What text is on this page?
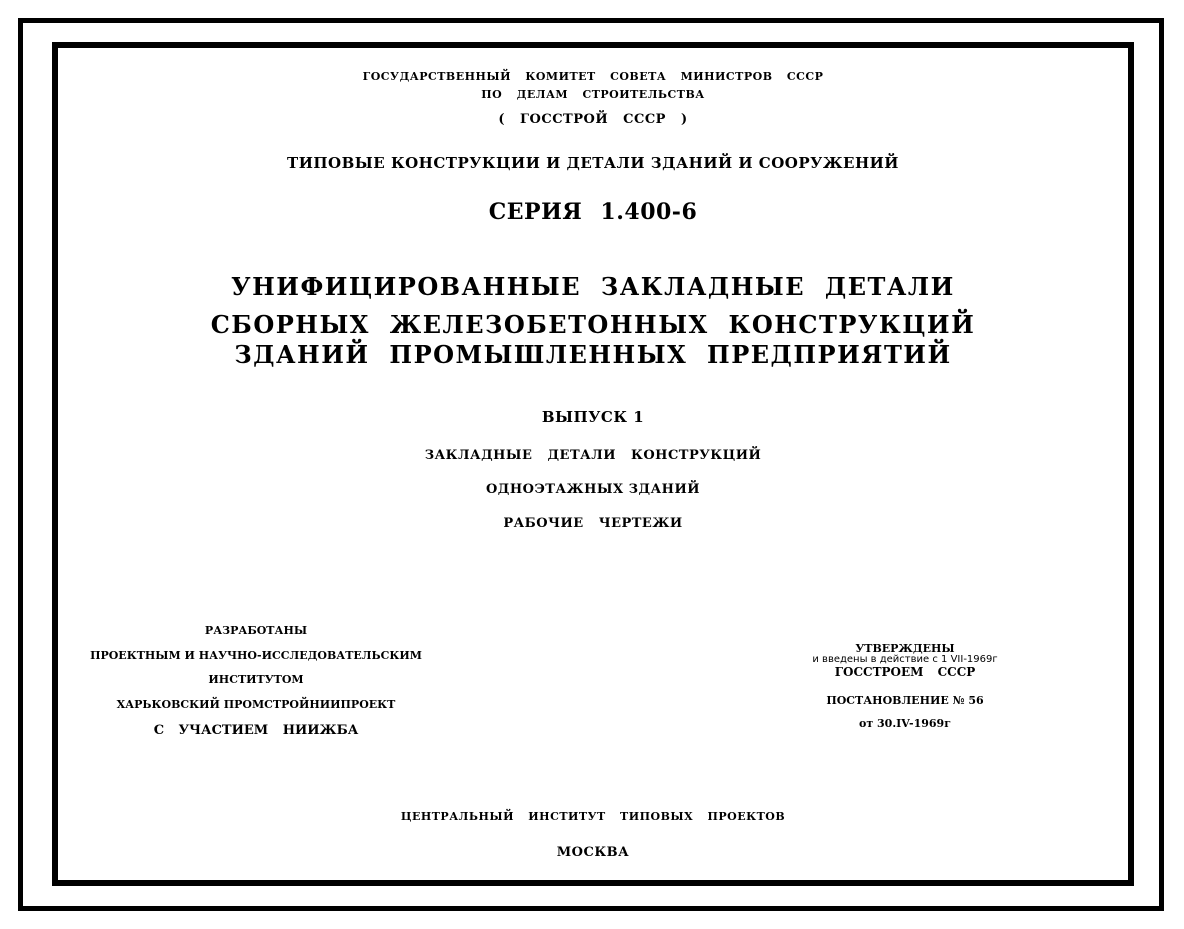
ГОСУДАРСТВЕННЫЙ КОМИТЕТ СОВЕТА МИНИСТРОВ СССР
ПО ДЕЛАМ СТРОИТЕЛЬСТВА
( ГОССТРОЙ СССР )
ТИПОВЫЕ КОНСТРУКЦИИ И ДЕТАЛИ ЗДАНИЙ И СООРУЖЕНИЙ
СЕРИЯ 1.400-6
УНИФИЦИРОВАННЫЕ ЗАКЛАДНЫЕ ДЕТАЛИ
СБОРНЫХ ЖЕЛЕЗОБЕТОННЫХ КОНСТРУКЦИЙ
ЗДАНИЙ ПРОМЫШЛЕННЫХ ПРЕДПРИЯТИЙ
ВЫПУСК 1
ЗАКЛАДНЫЕ ДЕТАЛИ КОНСТРУКЦИЙ
ОДНОЭТАЖНЫХ ЗДАНИЙ
РАБОЧИЕ ЧЕРТЕЖИ
ЦЕНТРАЛЬНЫЙ ИНСТИТУТ ТИПОВЫХ ПРОЕКТОВ
МОСКВА
РАЗРАБОТАНЫ
ПРОЕКТНЫМ И НАУЧНО-ИССЛЕДОВАТЕЛЬСКИМ
ИНСТИТУТОМ
ХАРЬКОВСКИЙ ПРОМСТРОЙНИИПРОЕКТ
С УЧАСТИЕМ НИИЖБА
УТВЕРЖДЕНЫ
и введены в действие с 1 VII-1969г
ГОССТРОЕМ СССР
ПОСТАНОВЛЕНИЕ № 56
от 30.IV-1969г
